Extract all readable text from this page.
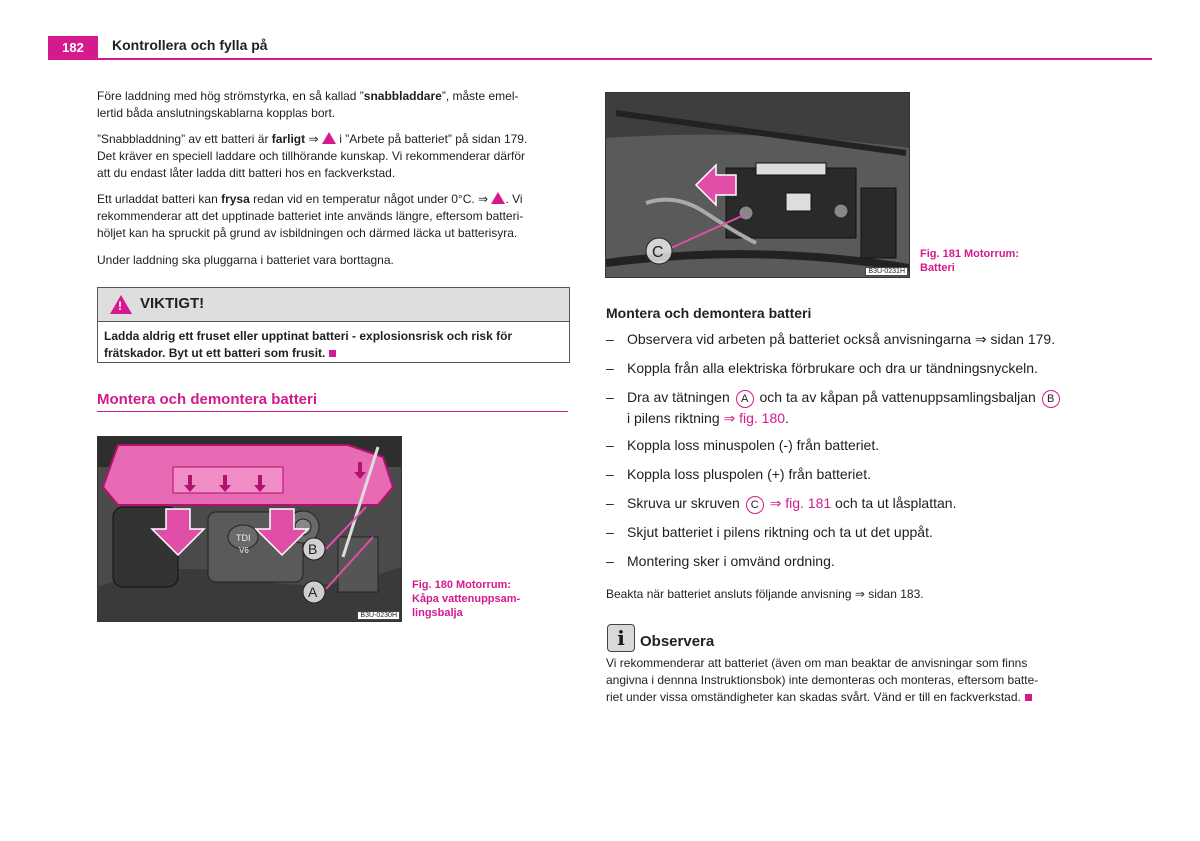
182	Kontrollera och fylla på
Före laddning med hög strömstyrka, en så kallad ”snabbladdare”, måste emel-
lertid båda anslutningskablarna kopplas bort.
”Snabbladdning” av ett batteri är farligt ⇒  i ”Arbete på batteriet” på sidan 179.
Det kräver en speciell laddare och tillhörande kunskap. Vi rekommenderar därför
att du endast låter ladda ditt batteri hos en fackverkstad.
Ett urladdat batteri kan frysa redan vid en temperatur något under 0°C. ⇒ . Vi
rekommenderar att det upptinade batteriet inte används längre, eftersom batteri-
höljet kan ha spruckit på grund av isbildningen och därmed läcka ut batterisyra.
Under laddning ska pluggarna i batteriet vara borttagna.
!
VIKTIGT!
Ladda aldrig ett fruset eller upptinat batteri - explosionsrisk och risk för
frätskador. Byt ut ett batteri som frusit.
Montera och demontera batteri
TDI
V6	B
A
B3U-0230H
Fig. 180 Motorrum:
Kåpa vattenuppsam-
lingsbalja
C
B3U-0231H
Fig. 181 Motorrum:
Batteri
Montera och demontera batteri
– Observera vid arbeten på batteriet också anvisningarna ⇒ sidan 179.
– Koppla från alla elektriska förbrukare och dra ur tändningsnyckeln.
– Dra av tätningen A och ta av kåpan på vattenuppsamlingsbaljan B
i pilens riktning ⇒ fig. 180.
– Koppla loss minuspolen (-) från batteriet.
– Koppla loss pluspolen (+) från batteriet.
– Skruva ur skruven C ⇒ fig. 181 och ta ut låsplattan.
– Skjut batteriet i pilens riktning och ta ut det uppåt.
– Montering sker i omvänd ordning.
Beakta när batteriet ansluts följande anvisning ⇒ sidan 183.
i	Observera
Vi rekommenderar att batteriet (även om man beaktar de anvisningar som finns
angivna i dennna Instruktionsbok) inte demonteras och monteras, eftersom batte-
riet under vissa omständigheter kan skadas svårt. Vänd er till en fackverkstad.
